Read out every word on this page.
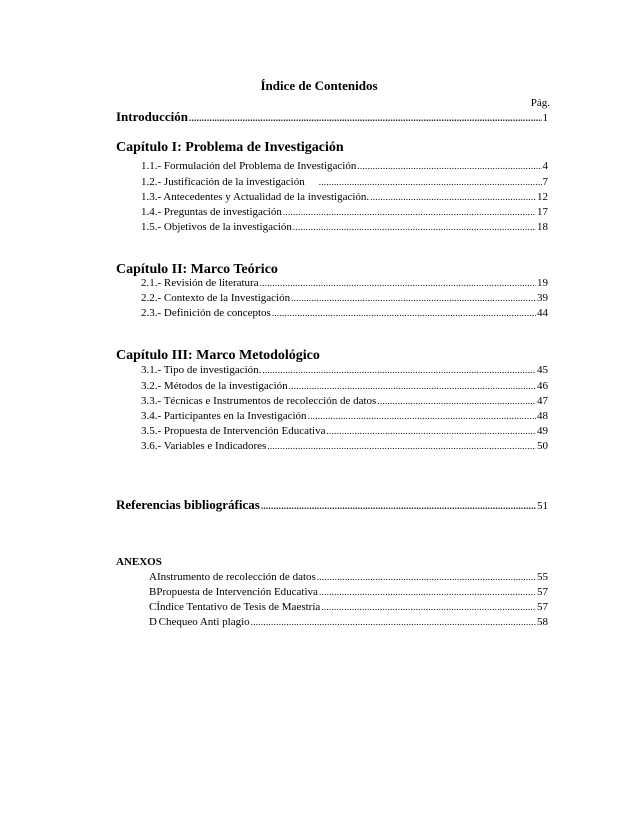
Índice de Contenidos
Pág.
Introducción .....	1
Capítulo I: Problema de Investigación
1.1.- Formulación del Problema de Investigación .....	4
1.2.- Justificación de la investigación .....	7
1.3.- Antecedentes y Actualidad de la investigación. .....	12
1.4.- Preguntas de investigación .....	17
1.5.- Objetivos de la investigación .....	18
Capítulo II: Marco Teórico
2.1.- Revisión de literatura .....	19
2.2.- Contexto de la Investigación .....	39
2.3.- Definición de conceptos .....	44
Capítulo III: Marco Metodológico
3.1.- Tipo de investigación. .....	45
3.2.- Métodos de la investigación .....	46
3.3.- Técnicas e Instrumentos de recolección de datos .....	47
3.4.- Participantes en la Investigación .....	48
3.5.- Propuesta de Intervención Educativa .....	49
3.6.- Variables e Indicadores .....	50
Referencias bibliográficas .....	51
ANEXOS
A Instrumento de recolección de datos .....	55
B Propuesta de Intervención Educativa .....	57
C Índice Tentativo de Tesis de Maestría .....	57
D Chequeo Anti plagio .....	58
